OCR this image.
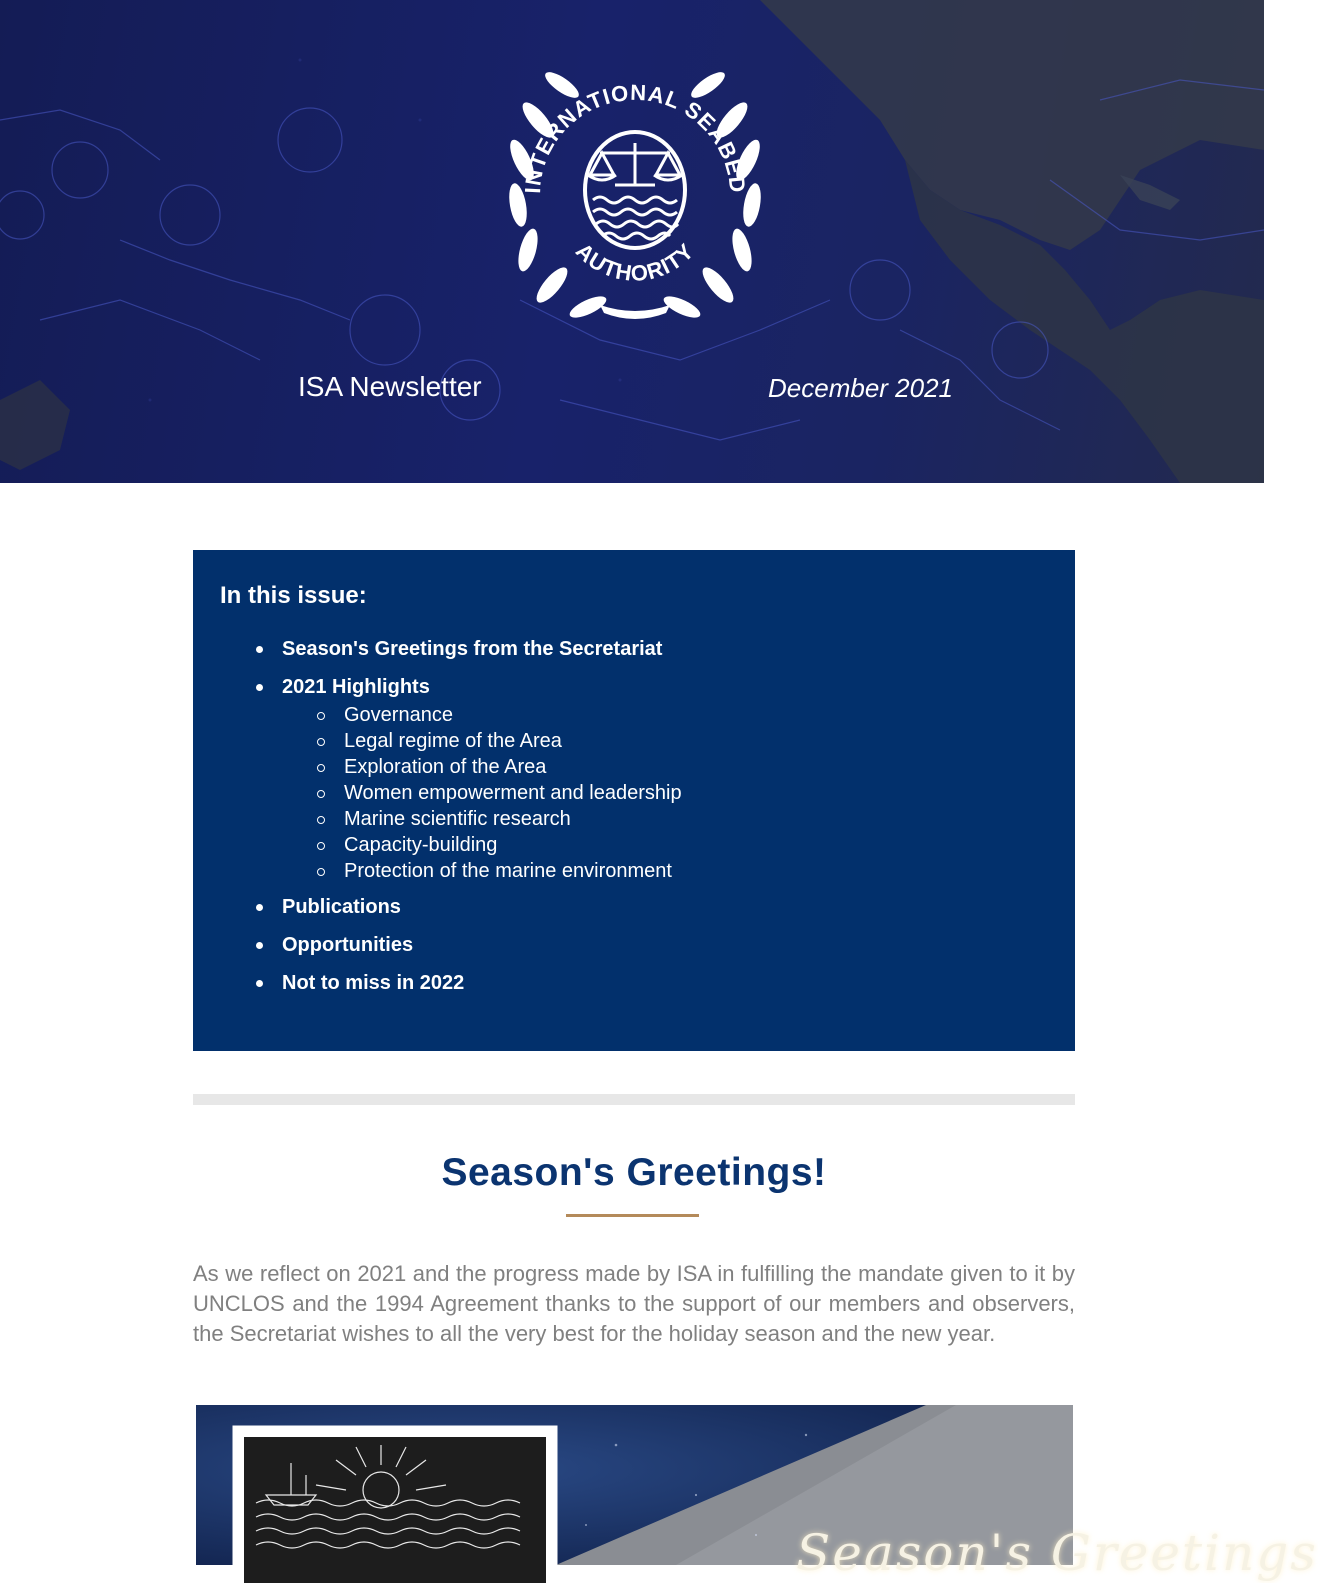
INTERNATIONAL SEABED
AUTHORITY
ISA Newsletter	December 2021
In this issue:
Season's Greetings from the Secretariat
2021 Highlights
Governance
Legal regime of the Area
Exploration of the Area
Women empowerment and leadership
Marine scientific research
Capacity-building
Protection of the marine environment
Publications
Opportunities
Not to miss in 2022
Season's Greetings!

As we reflect on 2021 and the progress made by ISA in fulfilling the mandate given to it by UNCLOS and the 1994 Agreement thanks to the support of our members and observers, the Secretariat wishes to all the very best for the holiday season and the new year.

Season's Greetings
